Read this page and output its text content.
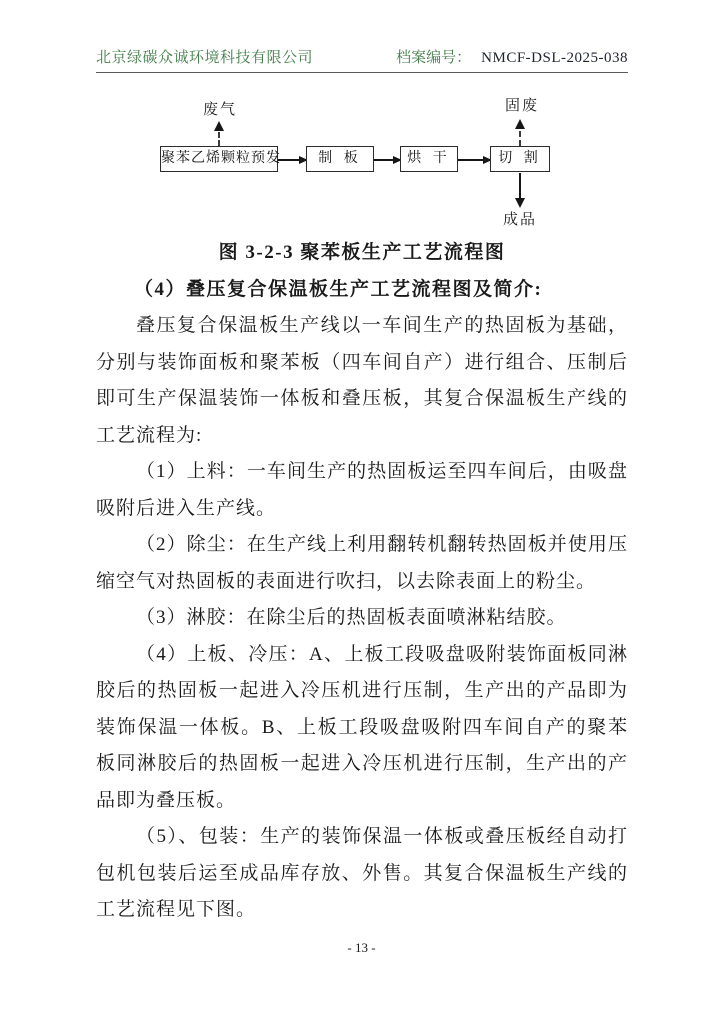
北京绿碳众诚环境科技有限公司	档案编号： NMCF-DSL-2025-038
废气
聚苯乙烯颗粒预发	制 板	烘 干	切 割
固废
成品
图 3-2-3 聚苯板生产工艺流程图
（4）叠压复合保温板生产工艺流程图及简介:

叠压复合保温板生产线以一车间生产的热固板为基础，分别与装饰面板和聚苯板（四车间自产）进行组合、压制后即可生产保温装饰一体板和叠压板，其复合保温板生产线的工艺流程为:

（1）上料：一车间生产的热固板运至四车间后，由吸盘吸附后进入生产线。

（2）除尘：在生产线上利用翻转机翻转热固板并使用压缩空气对热固板的表面进行吹扫，以去除表面上的粉尘。

（3）淋胶：在除尘后的热固板表面喷淋粘结胶。

（4）上板、冷压：A、上板工段吸盘吸附装饰面板同淋胶后的热固板一起进入冷压机进行压制，生产出的产品即为装饰保温一体板。B、上板工段吸盘吸附四车间自产的聚苯板同淋胶后的热固板一起进入冷压机进行压制，生产出的产品即为叠压板。

（5）、包装：生产的装饰保温一体板或叠压板经自动打包机包装后运至成品库存放、外售。其复合保温板生产线的工艺流程见下图。

- 13 -
